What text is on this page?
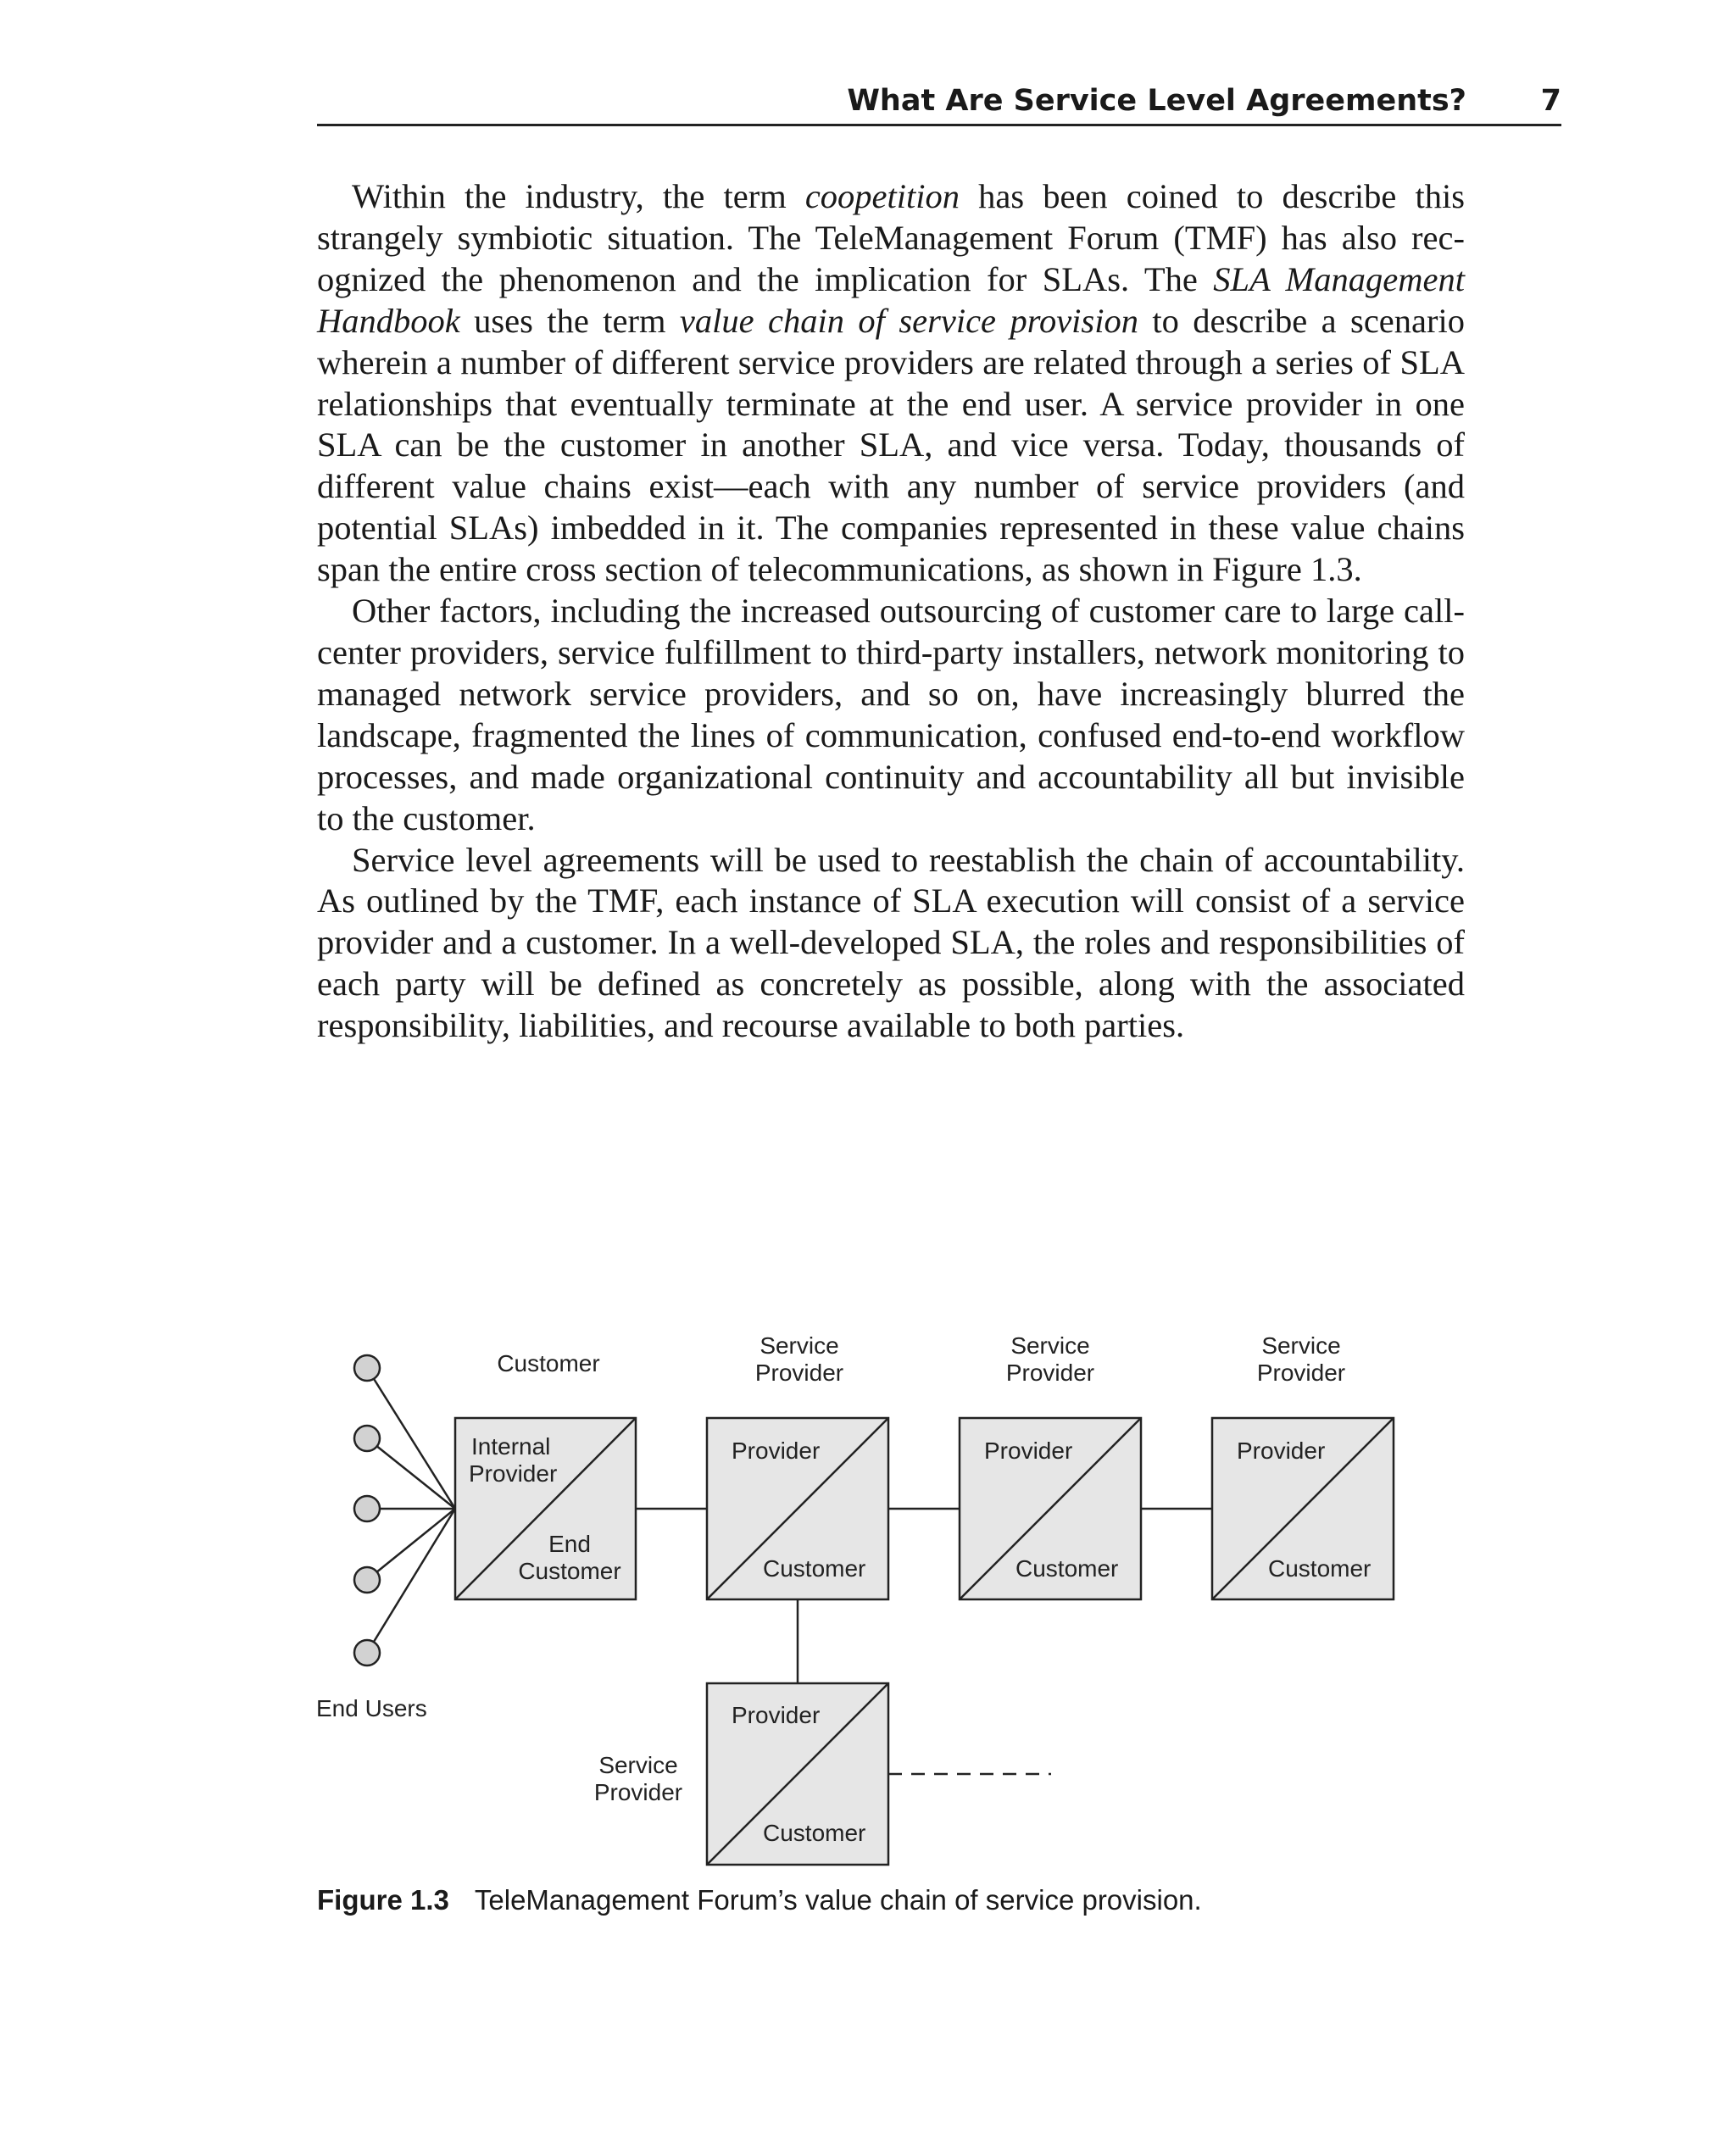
What Are Service Level Agreements?	7

Within the industry, the term coopetition has been coined to describe this strangely symbiotic situation. The TeleManagement Forum (TMF) has also recognized the phenomenon and the implication for SLAs. The SLA Management Handbook uses the term value chain of service provision to describe a scenario wherein a number of different service providers are related through a series of SLA relationships that eventually terminate at the end user. A service provider in one SLA can be the customer in another SLA, and vice versa. Today, thousands of different value chains exist—each with any number of service providers (and potential SLAs) imbedded in it. The companies represented in these value chains span the entire cross section of telecommunications, as shown in Figure 1.3.

Other factors, including the increased outsourcing of customer care to large call-center providers, service fulfillment to third-party installers, network monitoring to managed network service providers, and so on, have increasingly blurred the landscape, fragmented the lines of communication, confused end-to-end workflow processes, and made organizational continuity and accountability all but invisible to the customer.

Service level agreements will be used to reestablish the chain of accountability. As outlined by the TMF, each instance of SLA execution will consist of a service provider and a customer. In a well-developed SLA, the roles and responsibilities of each party will be defined as concretely as possible, along with the associated responsibility, liabilities, and recourse available to both parties.

Customer
Service
Provider
Service
Provider
Service
Provider
Internal
Provider
End
Customer
Provider
Customer
Provider
Customer
Provider
Customer
Provider
Customer
End Users
Service
Provider
Figure 1.3 TeleManagement Forum’s value chain of service provision.
